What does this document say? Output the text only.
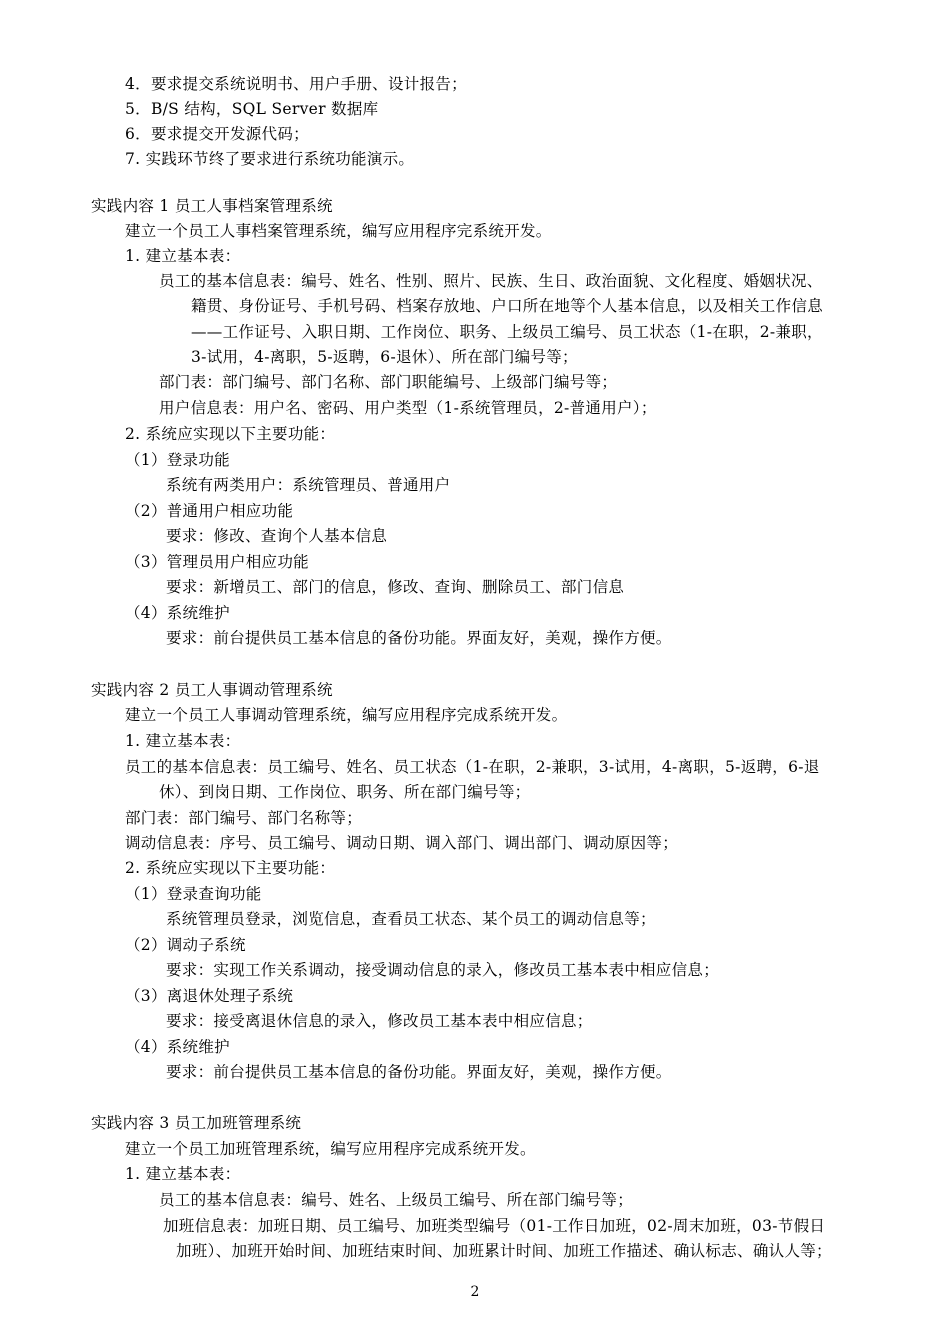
4．要求提交系统说明书、用户手册、设计报告；
5．B/S 结构，SQL Server 数据库
6．要求提交开发源代码；
7. 实践环节终了要求进行系统功能演示。
实践内容 1 员工人事档案管理系统
建立一个员工人事档案管理系统，编写应用程序完系统开发。
1. 建立基本表：
员工的基本信息表：编号、姓名、性别、照片、民族、生日、政治面貌、文化程度、婚姻状况、
籍贯、身份证号、手机号码、档案存放地、户口所在地等个人基本信息，以及相关工作信息
——工作证号、入职日期、工作岗位、职务、上级员工编号、员工状态（1-在职，2-兼职，
3-试用，4-离职，5-返聘，6-退休）、所在部门编号等；
部门表：部门编号、部门名称、部门职能编号、上级部门编号等；
用户信息表：用户名、密码、用户类型（1-系统管理员，2-普通用户）；
2. 系统应实现以下主要功能：
（1）登录功能
系统有两类用户：系统管理员、普通用户
（2）普通用户相应功能
要求：修改、查询个人基本信息
（3）管理员用户相应功能
要求：新增员工、部门的信息，修改、查询、删除员工、部门信息
（4）系统维护
要求：前台提供员工基本信息的备份功能。界面友好，美观，操作方便。
实践内容 2 员工人事调动管理系统
建立一个员工人事调动管理系统，编写应用程序完成系统开发。
1. 建立基本表：
员工的基本信息表：员工编号、姓名、员工状态（1-在职，2-兼职，3-试用，4-离职，5-返聘，6-退
休）、到岗日期、工作岗位、职务、所在部门编号等；
部门表：部门编号、部门名称等；
调动信息表：序号、员工编号、调动日期、调入部门、调出部门、调动原因等；
2. 系统应实现以下主要功能：
（1）登录查询功能
系统管理员登录，浏览信息，查看员工状态、某个员工的调动信息等；
（2）调动子系统
要求：实现工作关系调动，接受调动信息的录入，修改员工基本表中相应信息；
（3）离退休处理子系统
要求：接受离退休信息的录入，修改员工基本表中相应信息；
（4）系统维护
要求：前台提供员工基本信息的备份功能。界面友好，美观，操作方便。
实践内容 3 员工加班管理系统
建立一个员工加班管理系统，编写应用程序完成系统开发。
1. 建立基本表：
员工的基本信息表：编号、姓名、上级员工编号、所在部门编号等；
加班信息表：加班日期、员工编号、加班类型编号（01-工作日加班，02-周末加班，03-节假日
加班）、加班开始时间、加班结束时间、加班累计时间、加班工作描述、确认标志、确认人等；
2
